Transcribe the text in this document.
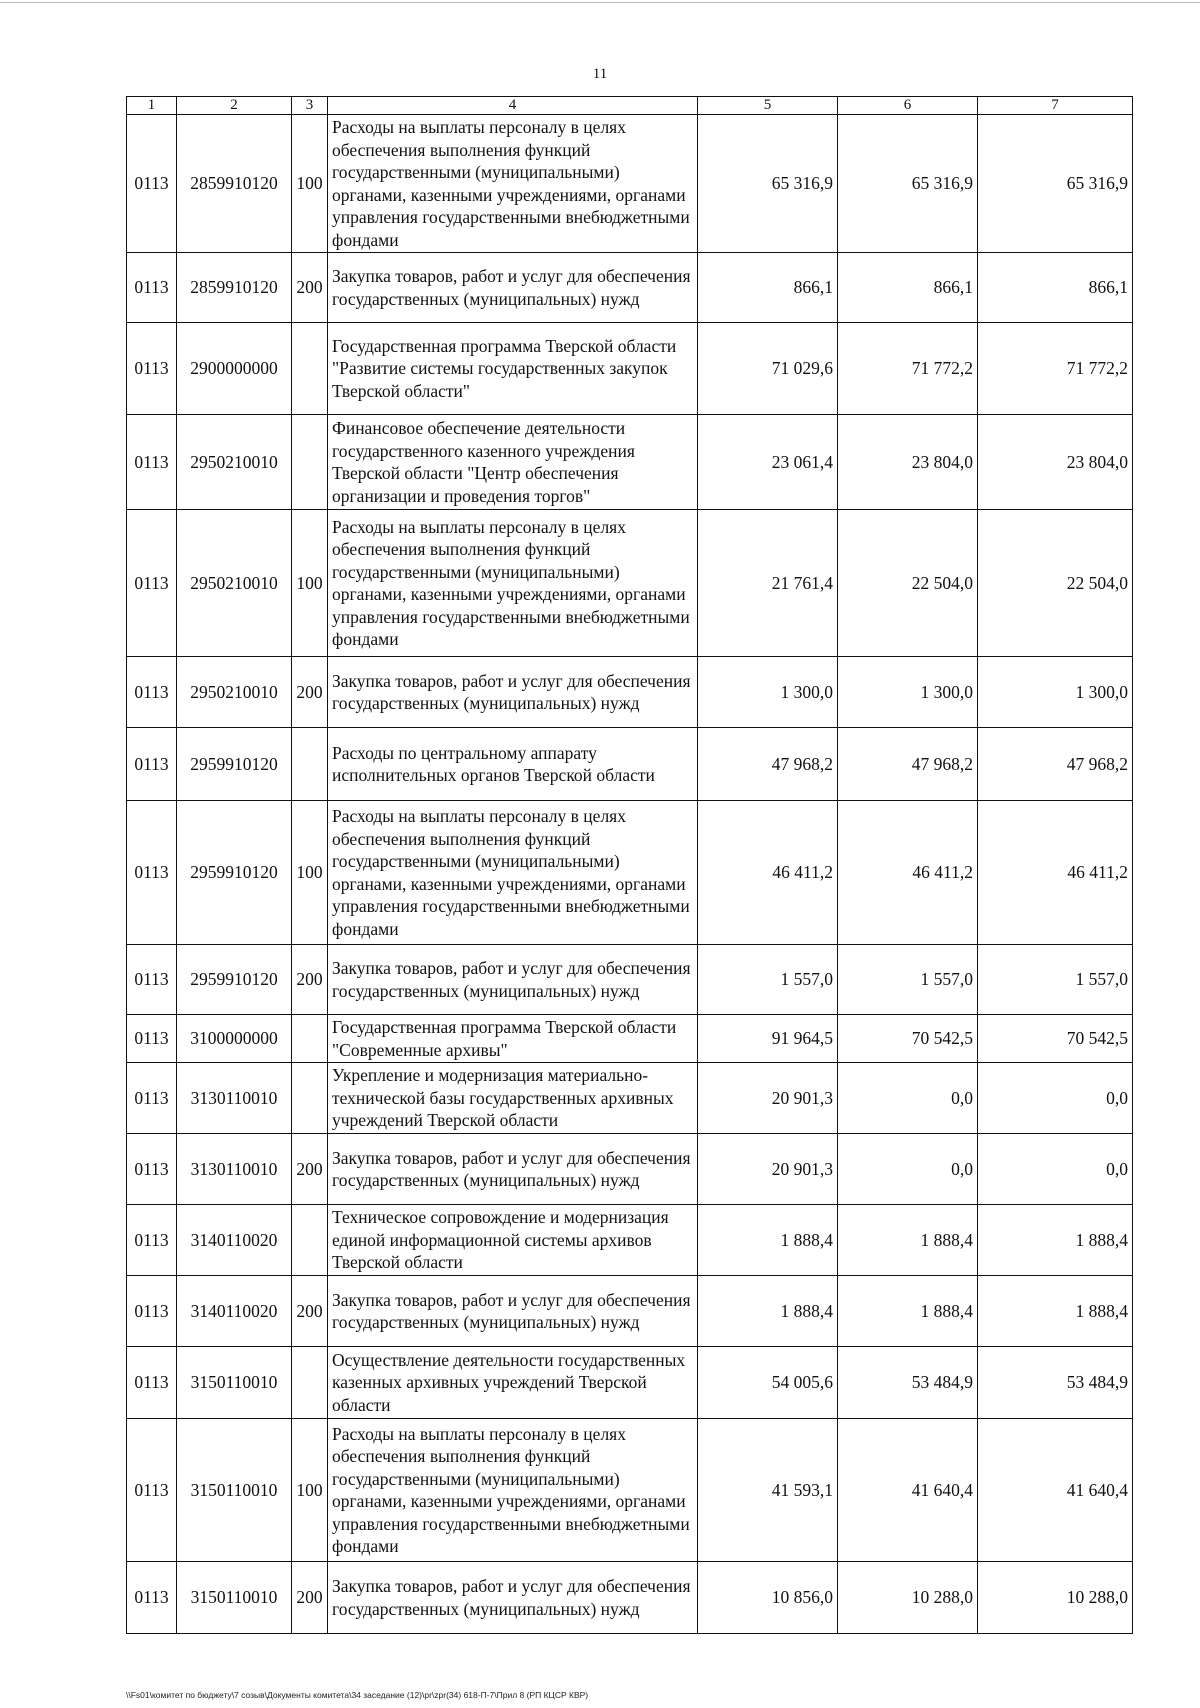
11
1	2	3	4	5	6	7
0113	2859910120	100	Расходы на выплаты персоналу в целях обеспечения выполнения функций государственными (муниципальными) органами, казенными учреждениями, органами управления государственными внебюджетными фондами	65 316,9	65 316,9	65 316,9
0113	2859910120	200	Закупка товаров, работ и услуг для обеспечения государственных (муниципальных) нужд	866,1	866,1	866,1
0113	2900000000		Государственная программа Тверской области "Развитие системы государственных закупок Тверской области"	71 029,6	71 772,2	71 772,2
0113	2950210010		Финансовое обеспечение деятельности государственного казенного учреждения Тверской области "Центр обеспечения организации и проведения торгов"	23 061,4	23 804,0	23 804,0
0113	2950210010	100	Расходы на выплаты персоналу в целях обеспечения выполнения функций государственными (муниципальными) органами, казенными учреждениями, органами управления государственными внебюджетными фондами	21 761,4	22 504,0	22 504,0
0113	2950210010	200	Закупка товаров, работ и услуг для обеспечения государственных (муниципальных) нужд	1 300,0	1 300,0	1 300,0
0113	2959910120		Расходы по центральному аппарату исполнительных органов Тверской области	47 968,2	47 968,2	47 968,2
0113	2959910120	100	Расходы на выплаты персоналу в целях обеспечения выполнения функций государственными (муниципальными) органами, казенными учреждениями, органами управления государственными внебюджетными фондами	46 411,2	46 411,2	46 411,2
0113	2959910120	200	Закупка товаров, работ и услуг для обеспечения государственных (муниципальных) нужд	1 557,0	1 557,0	1 557,0
0113	3100000000		Государственная программа Тверской области "Современные архивы"	91 964,5	70 542,5	70 542,5
0113	3130110010		Укрепление и модернизация материально-технической базы государственных архивных учреждений Тверской области	20 901,3	0,0	0,0
0113	3130110010	200	Закупка товаров, работ и услуг для обеспечения государственных (муниципальных) нужд	20 901,3	0,0	0,0
0113	3140110020		Техническое сопровождение и модернизация единой информационной системы архивов Тверской области	1 888,4	1 888,4	1 888,4
0113	3140110020	200	Закупка товаров, работ и услуг для обеспечения государственных (муниципальных) нужд	1 888,4	1 888,4	1 888,4
0113	3150110010		Осуществление деятельности государственных казенных архивных учреждений Тверской области	54 005,6	53 484,9	53 484,9
0113	3150110010	100	Расходы на выплаты персоналу в целях обеспечения выполнения функций государственными (муниципальными) органами, казенными учреждениями, органами управления государственными внебюджетными фондами	41 593,1	41 640,4	41 640,4
0113	3150110010	200	Закупка товаров, работ и услуг для обеспечения государственных (муниципальных) нужд	10 856,0	10 288,0	10 288,0
\\Fs01\комитет по бюджету\7 созыв\Документы комитета\34 заседание (12)\pr\zpr(34) 618-П-7\Прил 8 (РП КЦСР КВР)
